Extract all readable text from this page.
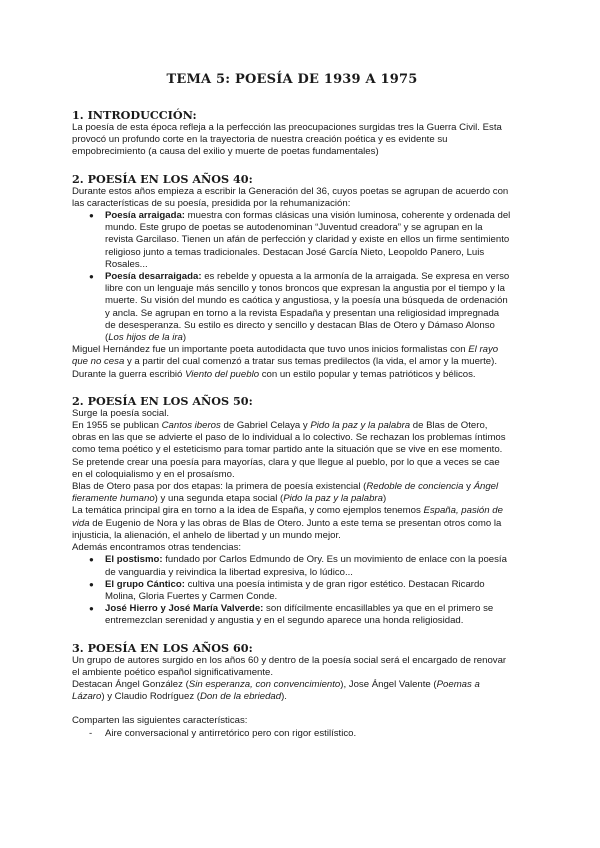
TEMA 5: POESÍA DE 1939 A 1975
1. INTRODUCCIÓN:

La poesía de esta época refleja a la perfección las preocupaciones surgidas tres la Guerra Civil. Esta provocó un profundo corte en la trayectoria de nuestra creación poética y es evidente su empobrecimiento (a causa del exilio y muerte de poetas fundamentales)

2. POESÍA EN LOS AÑOS 40:

Durante estos años empieza a escribir la Generación del 36, cuyos poetas se agrupan de acuerdo con las características de su poesía, presidida por la rehumanización:

● Poesía arraigada: muestra con formas clásicas una visión luminosa, coherente y ordenada del mundo. Este grupo de poetas se autodenominan “Juventud creadora” y se agrupan en la revista Garcilaso. Tienen un afán de perfección y claridad y existe en ellos un firme sentimiento religioso junto a temas tradicionales. Destacan José García Nieto, Leopoldo Panero, Luis Rosales...
● Poesía desarraigada: es rebelde y opuesta a la armonía de la arraigada. Se expresa en verso libre con un lenguaje más sencillo y tonos broncos que expresan la angustia por el tiempo y la muerte. Su visión del mundo es caótica y angustiosa, y la poesía una búsqueda de ordenación y ancla. Se agrupan en torno a la revista Espadaña y presentan una religiosidad impregnada de desesperanza. Su estilo es directo y sencillo y destacan Blas de Otero y Dámaso Alonso (Los hijos de la ira)

Miguel Hernández fue un importante poeta autodidacta que tuvo unos inicios formalistas con El rayo que no cesa y a partir del cual comenzó a tratar sus temas predilectos (la vida, el amor y la muerte). Durante la guerra escribió Viento del pueblo con un estilo popular y temas patrióticos y bélicos.

2. POESÍA EN LOS AÑOS 50:

Surge la poesía social.

En 1955 se publican Cantos iberos de Gabriel Celaya y Pido la paz y la palabra de Blas de Otero, obras en las que se advierte el paso de lo individual a lo colectivo. Se rechazan los problemas íntimos como tema poético y el esteticismo para tomar partido ante la situación que se vive en ese momento.

Se pretende crear una poesía para mayorías, clara y que llegue al pueblo, por lo que a veces se cae en el coloquialismo y en el prosaísmo.

Blas de Otero pasa por dos etapas: la primera de poesía existencial (Redoble de conciencia y Ángel fieramente humano) y una segunda etapa social (Pido la paz y la palabra)

La temática principal gira en torno a la idea de España, y como ejemplos tenemos España, pasión de vida de Eugenio de Nora y las obras de Blas de Otero. Junto a este tema se presentan otros como la injusticia, la alienación, el anhelo de libertad y un mundo mejor.

Además encontramos otras tendencias:

● El postismo: fundado por Carlos Edmundo de Ory. Es un movimiento de enlace con la poesía de vanguardia y reivindica la libertad expresiva, lo lúdico...
● El grupo Cántico: cultiva una poesía intimista y de gran rigor estético. Destacan Ricardo Molina, Gloria Fuertes y Carmen Conde.
● José Hierro y José María Valverde: son difícilmente encasillables ya que en el primero se entremezclan serenidad y angustia y en el segundo aparece una honda religiosidad.
3. POESÍA EN LOS AÑOS 60:

Un grupo de autores surgido en los años 60 y dentro de la poesía social será el encargado de renovar el ambiente poético español significativamente.

Destacan Ángel González (Sin esperanza, con convencimiento), Jose Ángel Valente (Poemas a Lázaro) y Claudio Rodríguez (Don de la ebriedad).

Comparten las siguientes características:

- Aire conversacional y antirretórico pero con rigor estilístico.
